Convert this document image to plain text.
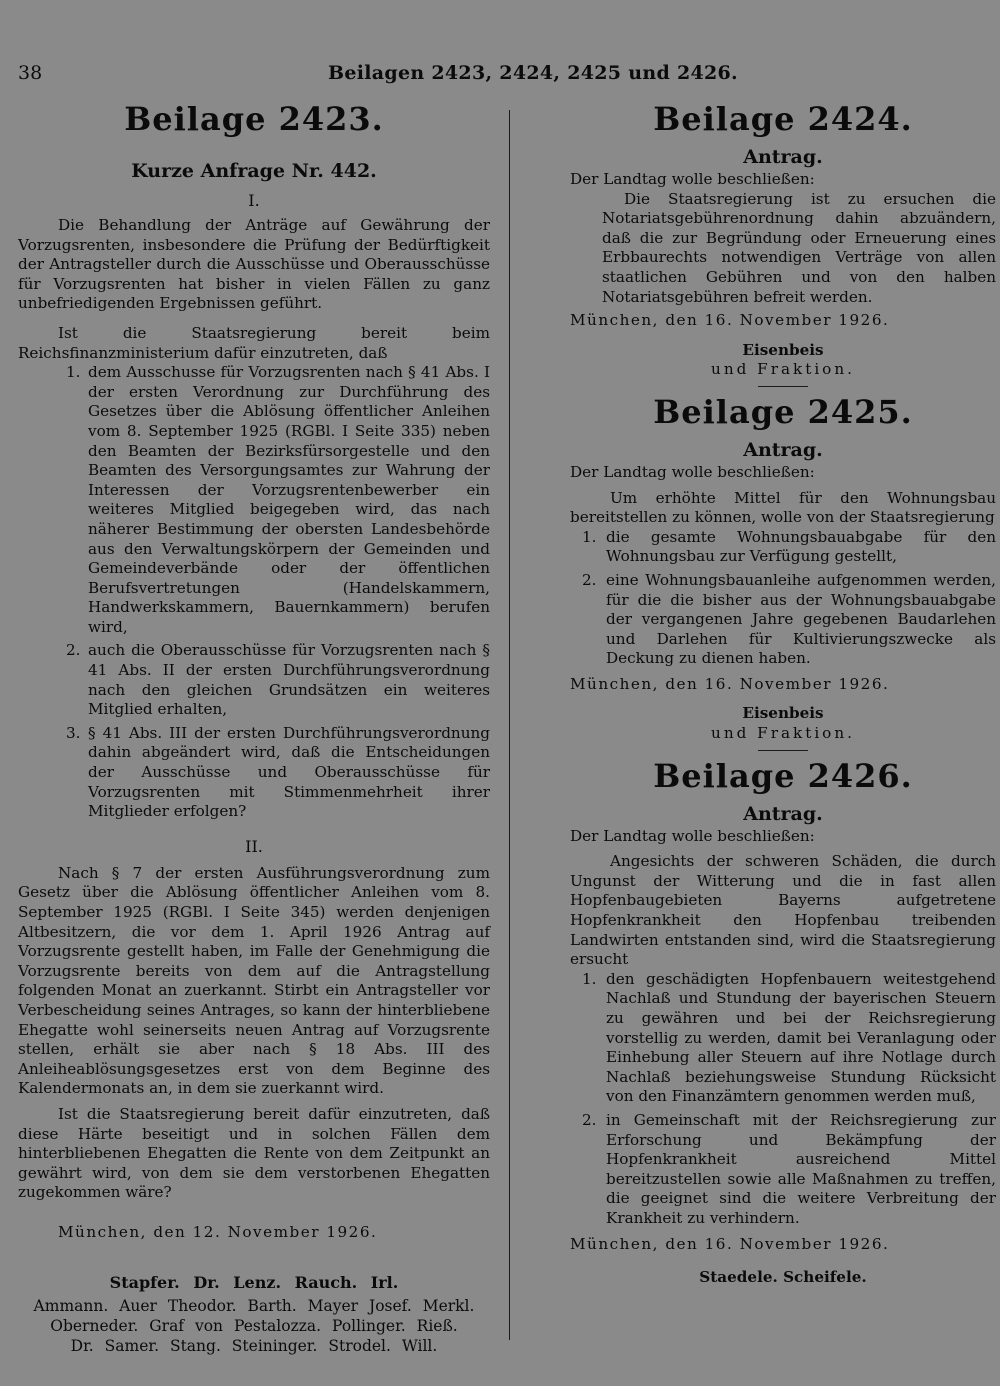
38	Beilagen 2423, 2424, 2425 und 2426.
Beilage 2423.
Kurze Anfrage Nr. 442.
I.

Die Behandlung der Anträge auf Gewährung der Vorzugsrenten, insbesondere die Prüfung der Bedürftigkeit der Antragsteller durch die Ausschüsse und Oberausschüsse für Vorzugsrenten hat bisher in vielen Fällen zu ganz unbefriedigenden Ergebnissen geführt.

Ist die Staatsregierung bereit beim Reichsfinanzministerium dafür einzutreten, daß

1. dem Ausschusse für Vorzugsrenten nach § 41 Abs. I der ersten Verordnung zur Durchführung des Gesetzes über die Ablösung öffentlicher Anleihen vom 8. September 1925 (RGBl. I Seite 335) neben den Beamten der Bezirksfürsorgestelle und den Beamten des Versorgungsamtes zur Wahrung der Interessen der Vorzugsrentenbewerber ein weiteres Mitglied beigegeben wird, das nach näherer Bestimmung der obersten Landesbehörde aus den Verwaltungskörpern der Gemeinden und Gemeindeverbände oder der öffentlichen Berufsvertretungen (Handelskammern, Handwerkskammern, Bauernkammern) berufen wird,
2. auch die Oberausschüsse für Vorzugsrenten nach § 41 Abs. II der ersten Durchführungsverordnung nach den gleichen Grundsätzen ein weiteres Mitglied erhalten,
3. § 41 Abs. III der ersten Durchführungsverordnung dahin abgeändert wird, daß die Entscheidungen der Ausschüsse und Oberausschüsse für Vorzugsrenten mit Stimmenmehrheit ihrer Mitglieder erfolgen?
II.

Nach § 7 der ersten Ausführungsverordnung zum Gesetz über die Ablösung öffentlicher Anleihen vom 8. September 1925 (RGBl. I Seite 345) werden denjenigen Altbesitzern, die vor dem 1. April 1926 Antrag auf Vorzugsrente gestellt haben, im Falle der Genehmigung die Vorzugsrente bereits von dem auf die Antragstellung folgenden Monat an zuerkannt. Stirbt ein Antragsteller vor Verbescheidung seines Antrages, so kann der hinterbliebene Ehegatte wohl seinerseits neuen Antrag auf Vorzugsrente stellen, erhält sie aber nach § 18 Abs. III des Anleiheablösungsgesetzes erst von dem Beginne des Kalendermonats an, in dem sie zuerkannt wird.

Ist die Staatsregierung bereit dafür einzutreten, daß diese Härte beseitigt und in solchen Fällen dem hinterbliebenen Ehegatten die Rente von dem Zeitpunkt an gewährt wird, von dem sie dem verstorbenen Ehegatten zugekommen wäre?

München, den 12. November 1926.

Stapfer. Dr. Lenz. Rauch. Irl.
Ammann. Auer Theodor. Barth. Mayer Josef. Merkl.
Oberneder. Graf von Pestalozza. Pollinger. Rieß.
Dr. Samer. Stang. Steininger. Strodel. Will.
Beilage 2424.
Antrag.

Der Landtag wolle beschließen:

Die Staatsregierung ist zu ersuchen die Notariatsgebührenordnung dahin abzuändern, daß die zur Begründung oder Erneuerung eines Erbbaurechts notwendigen Verträge von allen staatlichen Gebühren und von den halben Notariatsgebühren befreit werden.

München, den 16. November 1926.

Eisenbeis
und Fraktion.
Beilage 2425.
Antrag.

Der Landtag wolle beschließen:

Um erhöhte Mittel für den Wohnungsbau bereitstellen zu können, wolle von der Staatsregierung

1. die gesamte Wohnungsbauabgabe für den Wohnungsbau zur Verfügung gestellt,
2. eine Wohnungsbauanleihe aufgenommen werden, für die die bisher aus der Wohnungsbauabgabe der vergangenen Jahre gegebenen Baudarlehen und Darlehen für Kultivierungszwecke als Deckung zu dienen haben.

München, den 16. November 1926.

Eisenbeis
und Fraktion.
Beilage 2426.
Antrag.

Der Landtag wolle beschließen:

Angesichts der schweren Schäden, die durch Ungunst der Witterung und die in fast allen Hopfenbaugebieten Bayerns aufgetretene Hopfenkrankheit den Hopfenbau treibenden Landwirten entstanden sind, wird die Staatsregierung ersucht

1. den geschädigten Hopfenbauern weitestgehend Nachlaß und Stundung der bayerischen Steuern zu gewähren und bei der Reichsregierung vorstellig zu werden, damit bei Veranlagung oder Einhebung aller Steuern auf ihre Notlage durch Nachlaß beziehungsweise Stundung Rücksicht von den Finanzämtern genommen werden muß,
2. in Gemeinschaft mit der Reichsregierung zur Erforschung und Bekämpfung der Hopfenkrankheit ausreichend Mittel bereitzustellen sowie alle Maßnahmen zu treffen, die geeignet sind die weitere Verbreitung der Krankheit zu verhindern.

München, den 16. November 1926.

Staedele. Scheifele.
